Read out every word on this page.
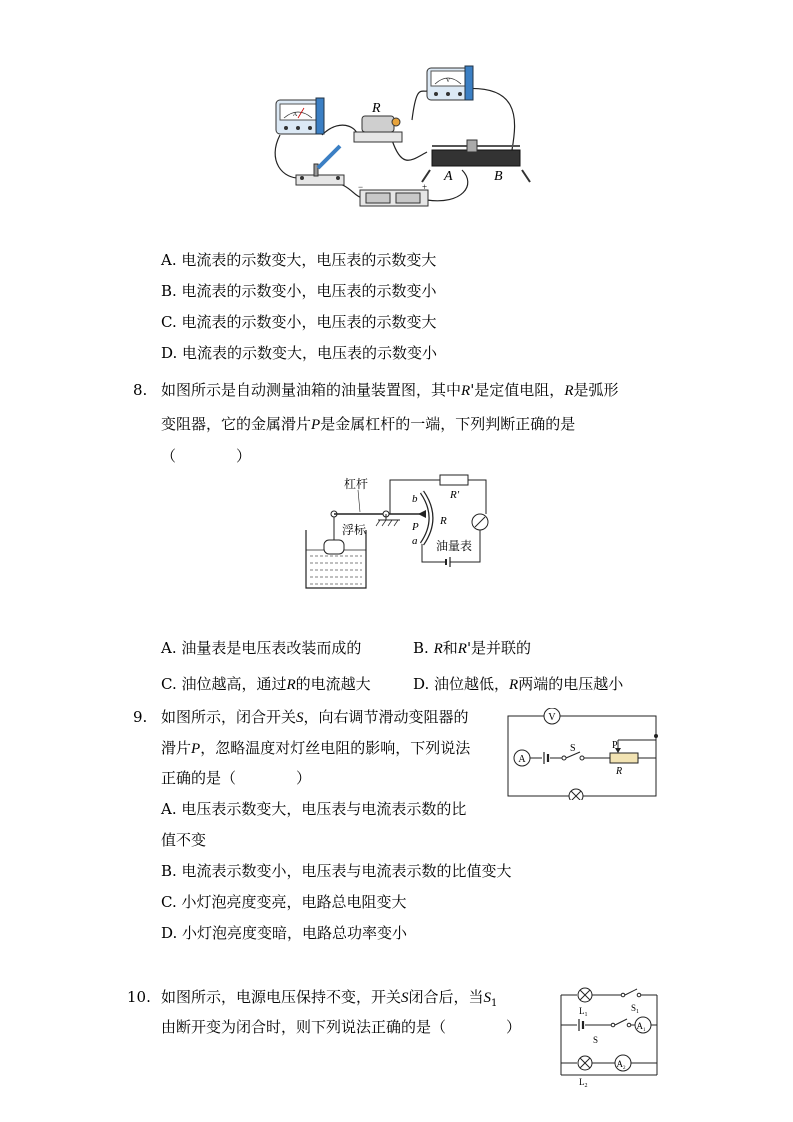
A
V
R
−	+
A	B
A. 电流表的示数变大，电压表的示数变大
B. 电流表的示数变小，电压表的示数变小
C. 电流表的示数变小，电压表的示数变大
D. 电流表的示数变大，电压表的示数变小
8. 如图所示是自动测量油箱的油量装置图，其中R'是定值电阻，R是弧形
变阻器，它的金属滑片P是金属杠杆的一端，下列判断正确的是
（　　　　）
杠杆
浮标
b
P
a
R
R'
油量表
A. 油量表是电压表改装而成的	B. R和R'是并联的
C. 油位越高，通过R的电流越大	D. 油位越低，R两端的电压越小
9. 如图所示，闭合开关S，向右调节滑动变阻器的
滑片P，忽略温度对灯丝电阻的影响，下列说法
正确的是（　　　　）
V
A
S	P
R
A. 电压表示数变大，电压表与电流表示数的比
值不变
B. 电流表示数变小，电压表与电流表示数的比值变大
C. 小灯泡亮度变亮，电路总电阻变大
D. 小灯泡亮度变暗，电路总功率变小
10. 如图所示，电源电压保持不变，开关S闭合后，当$S_1$
由断开变为闭合时，则下列说法正确的是（　　　　）
$S_1$
$L_1$
$A_1$
S
$A_2$
$L_2$
